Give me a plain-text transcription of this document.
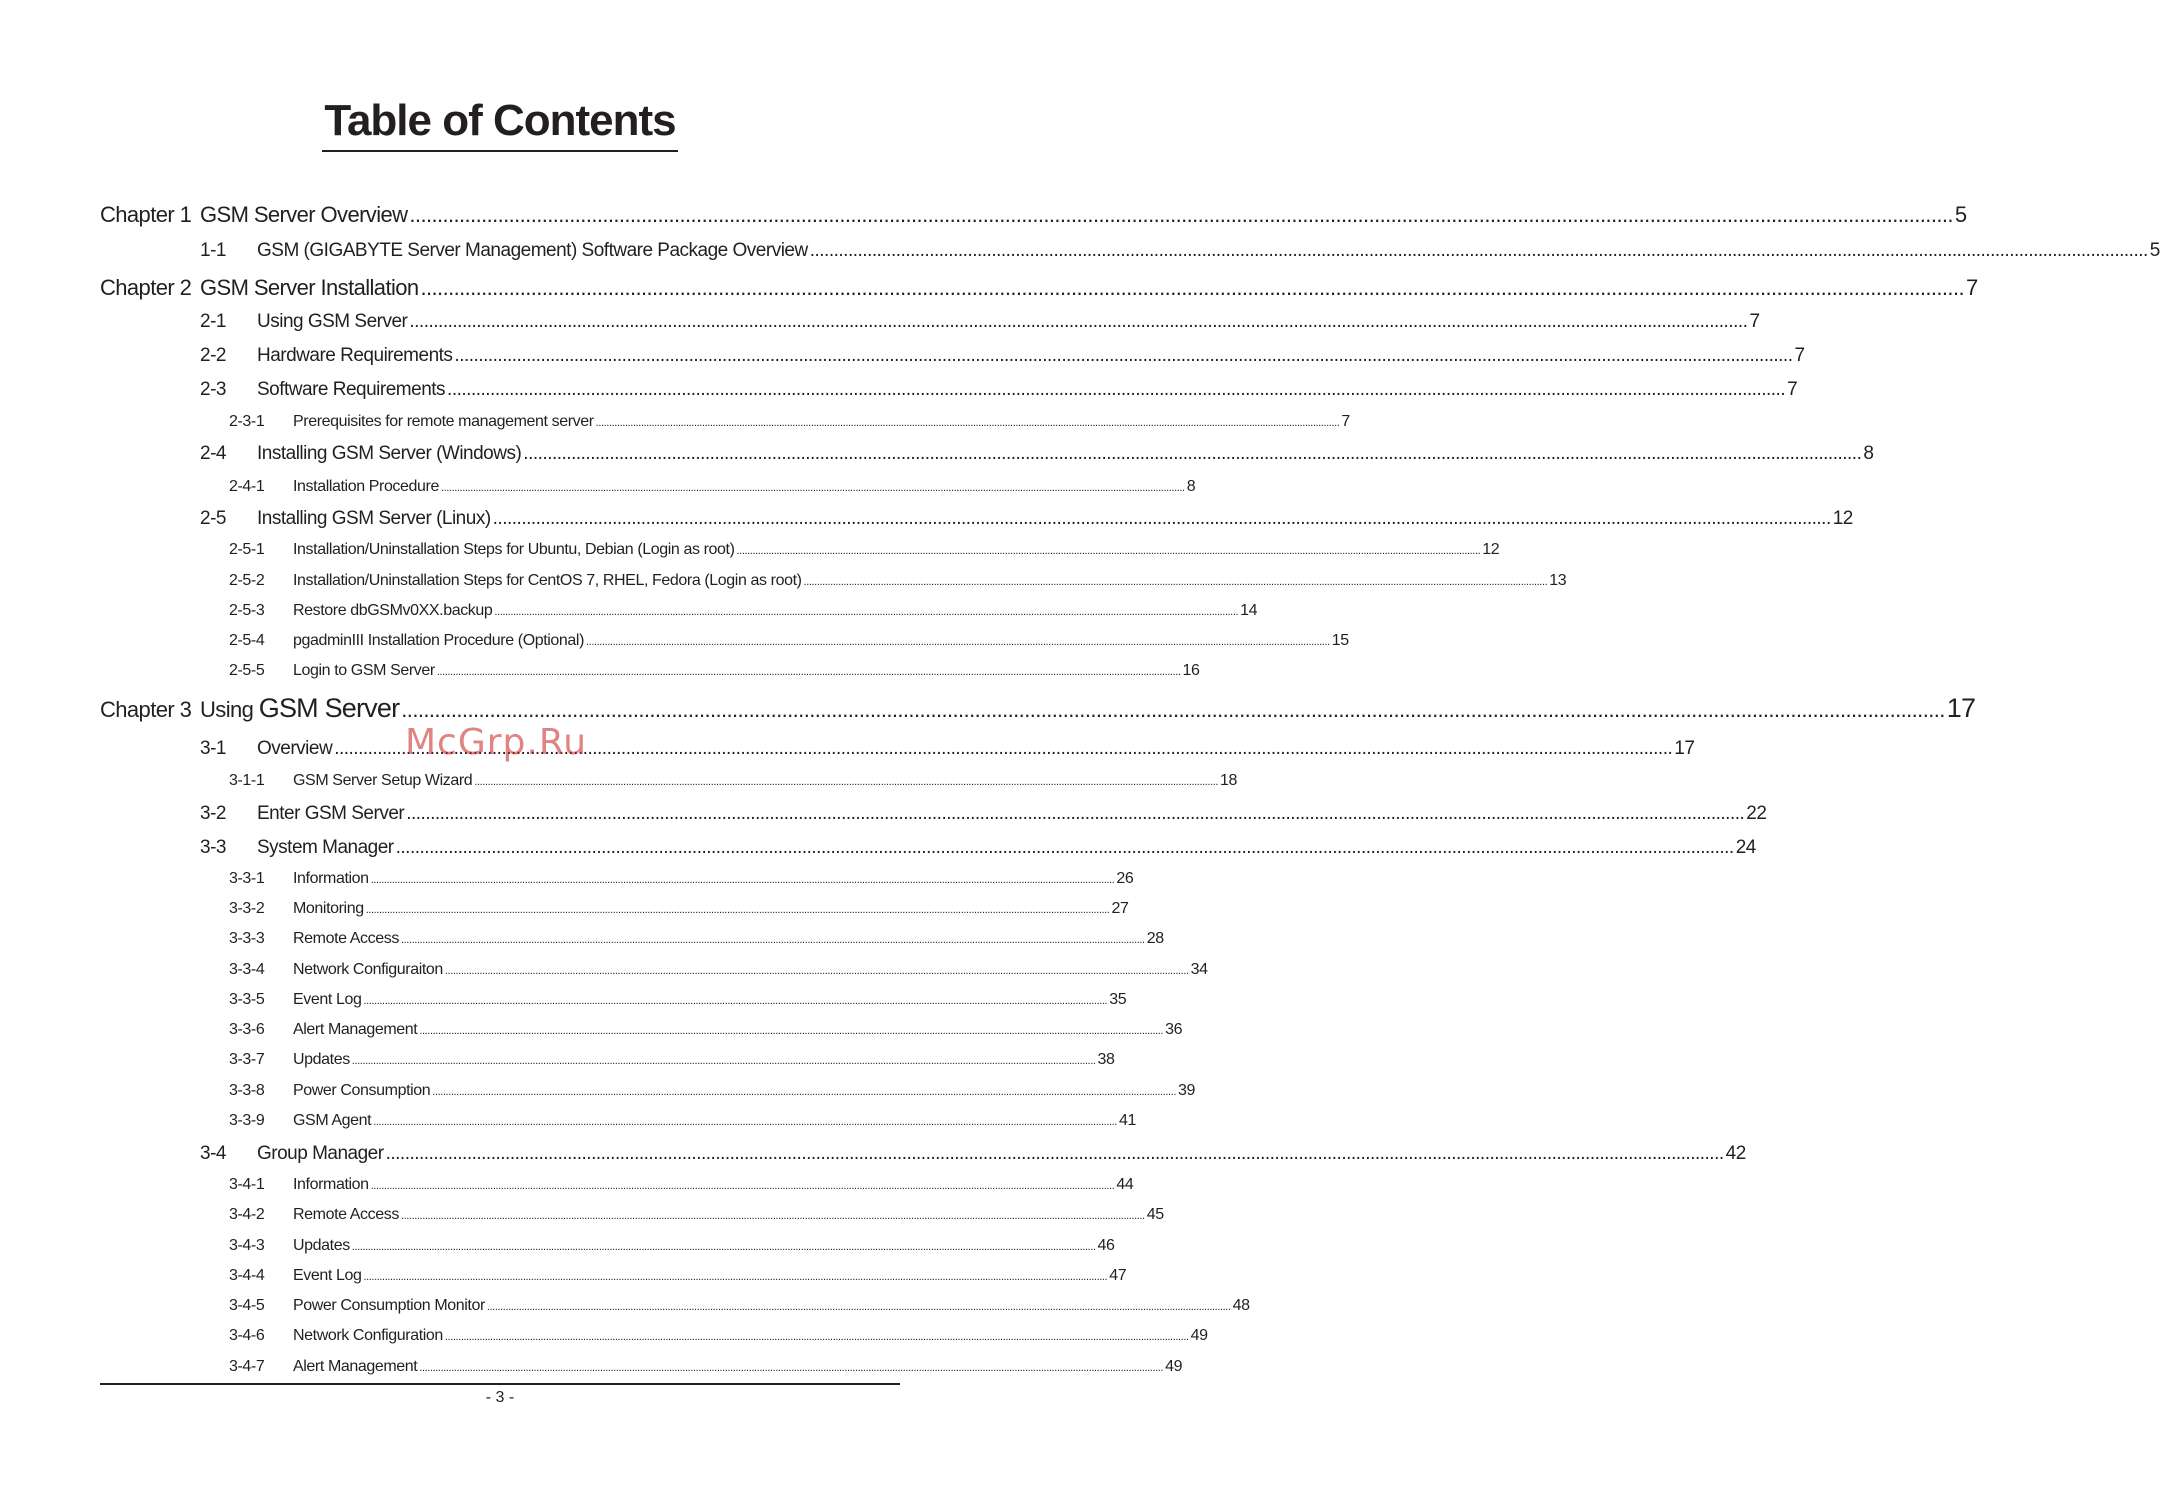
Table of Contents
Chapter 1 GSM Server Overview .....	5
1-1	GSM (GIGABYTE Server Management) Software Package Overview .....	5
Chapter 2 GSM Server Installation .....	7
2-1	Using GSM Server .....	7
2-2	Hardware Requirements .....	7
2-3	Software Requirements .....	7
2-3-1	Prerequisites for remote management server .....	7
2-4	Installing GSM Server (Windows) .....	8
2-4-1	Installation Procedure .....	8
2-5	Installing GSM Server (Linux) .....	12
2-5-1	Installation/Uninstallation Steps for Ubuntu, Debian (Login as root) .....	12
2-5-2	Installation/Uninstallation Steps for CentOS 7, RHEL, Fedora (Login as root) .....	13
2-5-3	Restore dbGSMv0XX.backup .....	14
2-5-4	pgadminIII Installation Procedure (Optional) .....	15
2-5-5	Login to GSM Server .....	16
Chapter 3 Using GSM Server .....	17
3-1	Overview .....	17
3-1-1	GSM Server Setup Wizard .....	18
3-2	Enter GSM Server .....	22
3-3	System Manager .....	24
3-3-1	Information .....	26
3-3-2	Monitoring .....	27
3-3-3	Remote Access .....	28
3-3-4	Network Configuraiton .....	34
3-3-5	Event Log .....	35
3-3-6	Alert Management .....	36
3-3-7	Updates .....	38
3-3-8	Power Consumption .....	39
3-3-9	GSM Agent .....	41
3-4	Group Manager .....	42
3-4-1	Information .....	44
3-4-2	Remote Access .....	45
3-4-3	Updates .....	46
3-4-4	Event Log .....	47
3-4-5	Power Consumption Monitor .....	48
3-4-6	Network Configuration .....	49
3-4-7	Alert Management .....	49
- 3 -
McGrp.Ru
